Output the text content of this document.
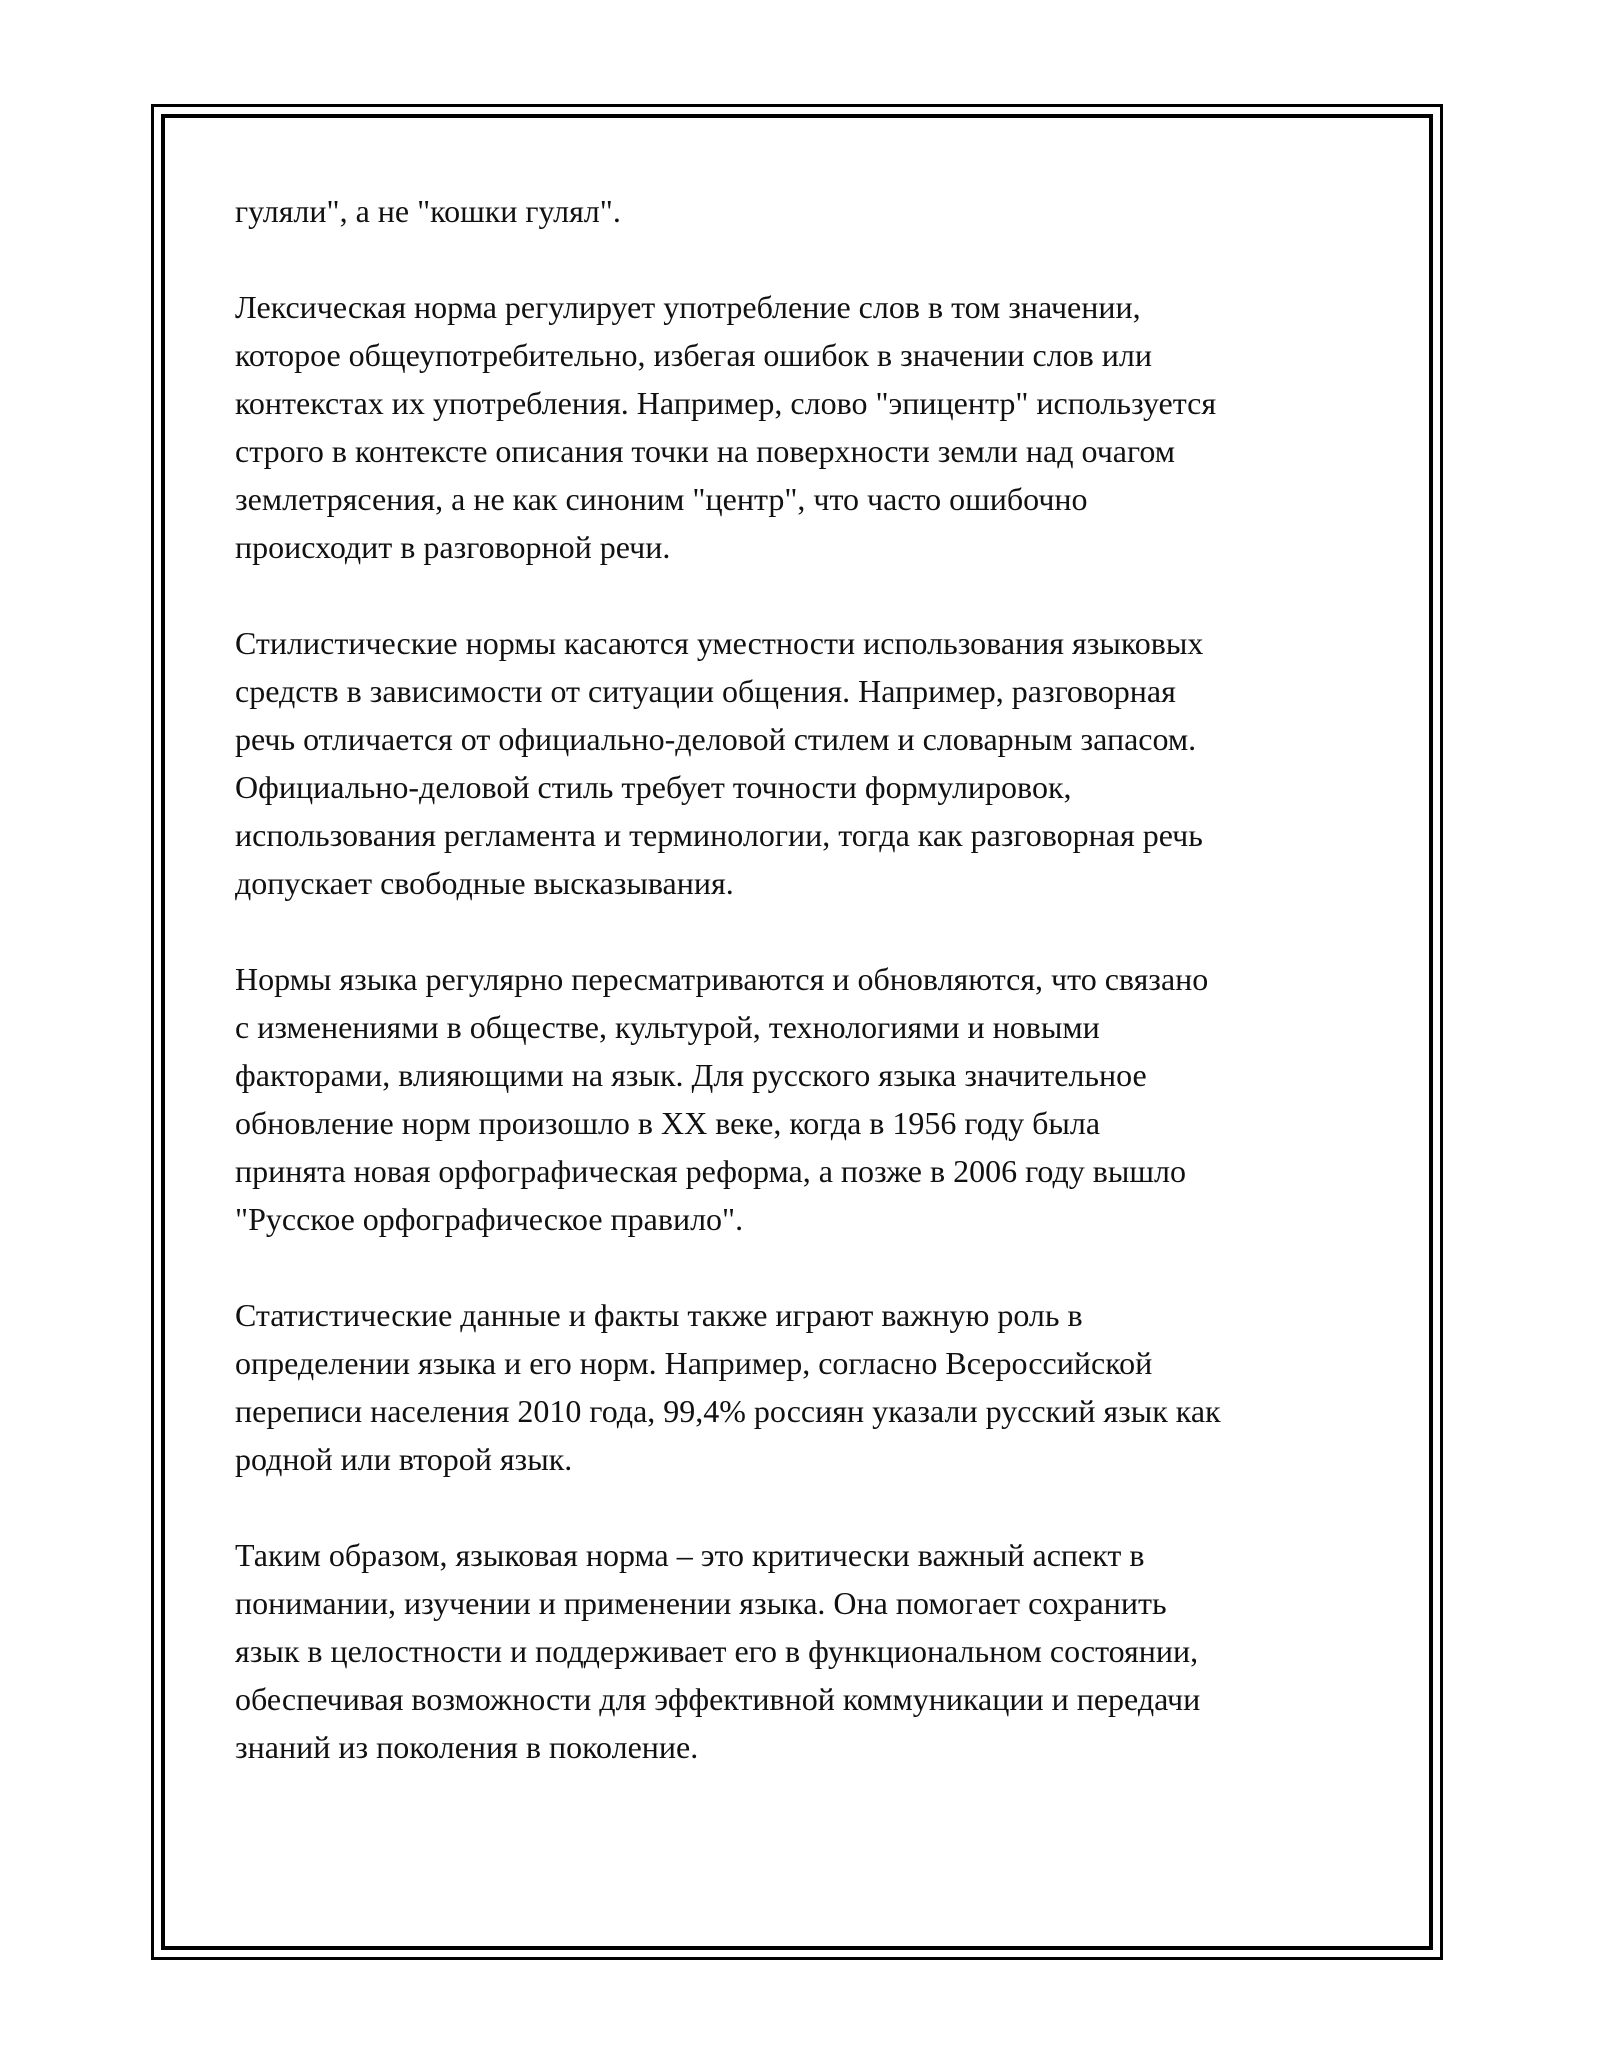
гуляли", а не "кошки гулял".

Лексическая норма регулирует употребление слов в том значении,
которое общеупотребительно, избегая ошибок в значении слов или
контекстах их употребления. Например, слово "эпицентр" используется
строго в контексте описания точки на поверхности земли над очагом
землетрясения, а не как синоним "центр", что часто ошибочно
происходит в разговорной речи.

Стилистические нормы касаются уместности использования языковых
средств в зависимости от ситуации общения. Например, разговорная
речь отличается от официально-деловой стилем и словарным запасом.
Официально-деловой стиль требует точности формулировок,
использования регламента и терминологии, тогда как разговорная речь
допускает свободные высказывания.

Нормы языка регулярно пересматриваются и обновляются, что связано
с изменениями в обществе, культурой, технологиями и новыми
факторами, влияющими на язык. Для русского языка значительное
обновление норм произошло в XX веке, когда в 1956 году была
принята новая орфографическая реформа, а позже в 2006 году вышло
"Русское орфографическое правило".

Статистические данные и факты также играют важную роль в
определении языка и его норм. Например, согласно Всероссийской
переписи населения 2010 года, 99,4% россиян указали русский язык как
родной или второй язык.

Таким образом, языковая норма – это критически важный аспект в
понимании, изучении и применении языка. Она помогает сохранить
язык в целостности и поддерживает его в функциональном состоянии,
обеспечивая возможности для эффективной коммуникации и передачи
знаний из поколения в поколение.
